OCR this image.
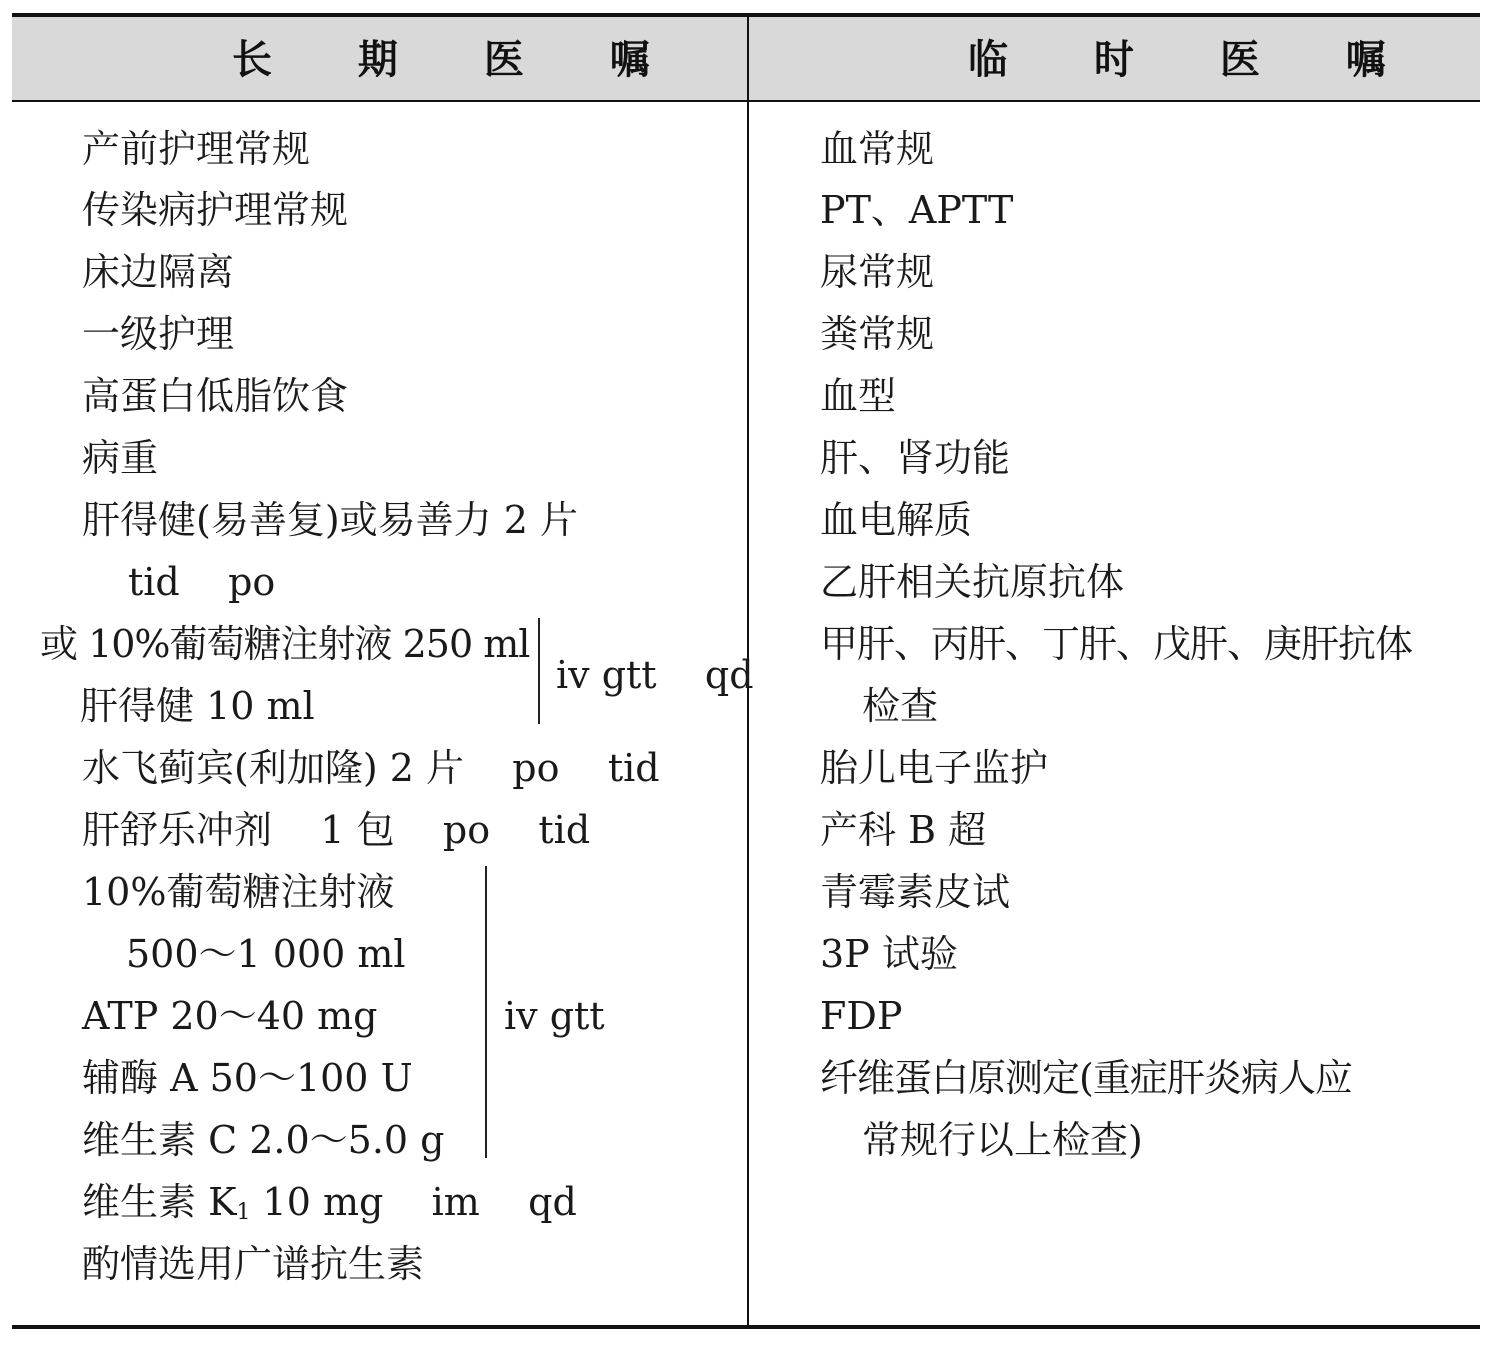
长 期 医 嘱	临 时 医 嘱
产前护理常规
传染病护理常规
床边隔离
一级护理
高蛋白低脂饮食
病重
肝得健(易善复)或易善力 2 片
tid    po
或 10%葡萄糖注射液 250 ml
肝得健 10 ml
iv gtt    qd
水飞蓟宾(利加隆) 2 片    po    tid
肝舒乐冲剂    1 包    po    tid
10%葡萄糖注射液
500～1 000 ml
ATP 20～40 mg
辅酶 A 50～100 U
维生素 C 2.0～5.0 g
iv gtt
维生素 $K_1$ 10 mg    im    qd
酌情选用广谱抗生素
血常规
PT、APTT
尿常规
粪常规
血型
肝、肾功能
血电解质
乙肝相关抗原抗体
甲肝、丙肝、丁肝、戊肝、庚肝抗体
检查
胎儿电子监护
产科 B 超
青霉素皮试
3P 试验
FDP
纤维蛋白原测定(重症肝炎病人应
常规行以上检查)
